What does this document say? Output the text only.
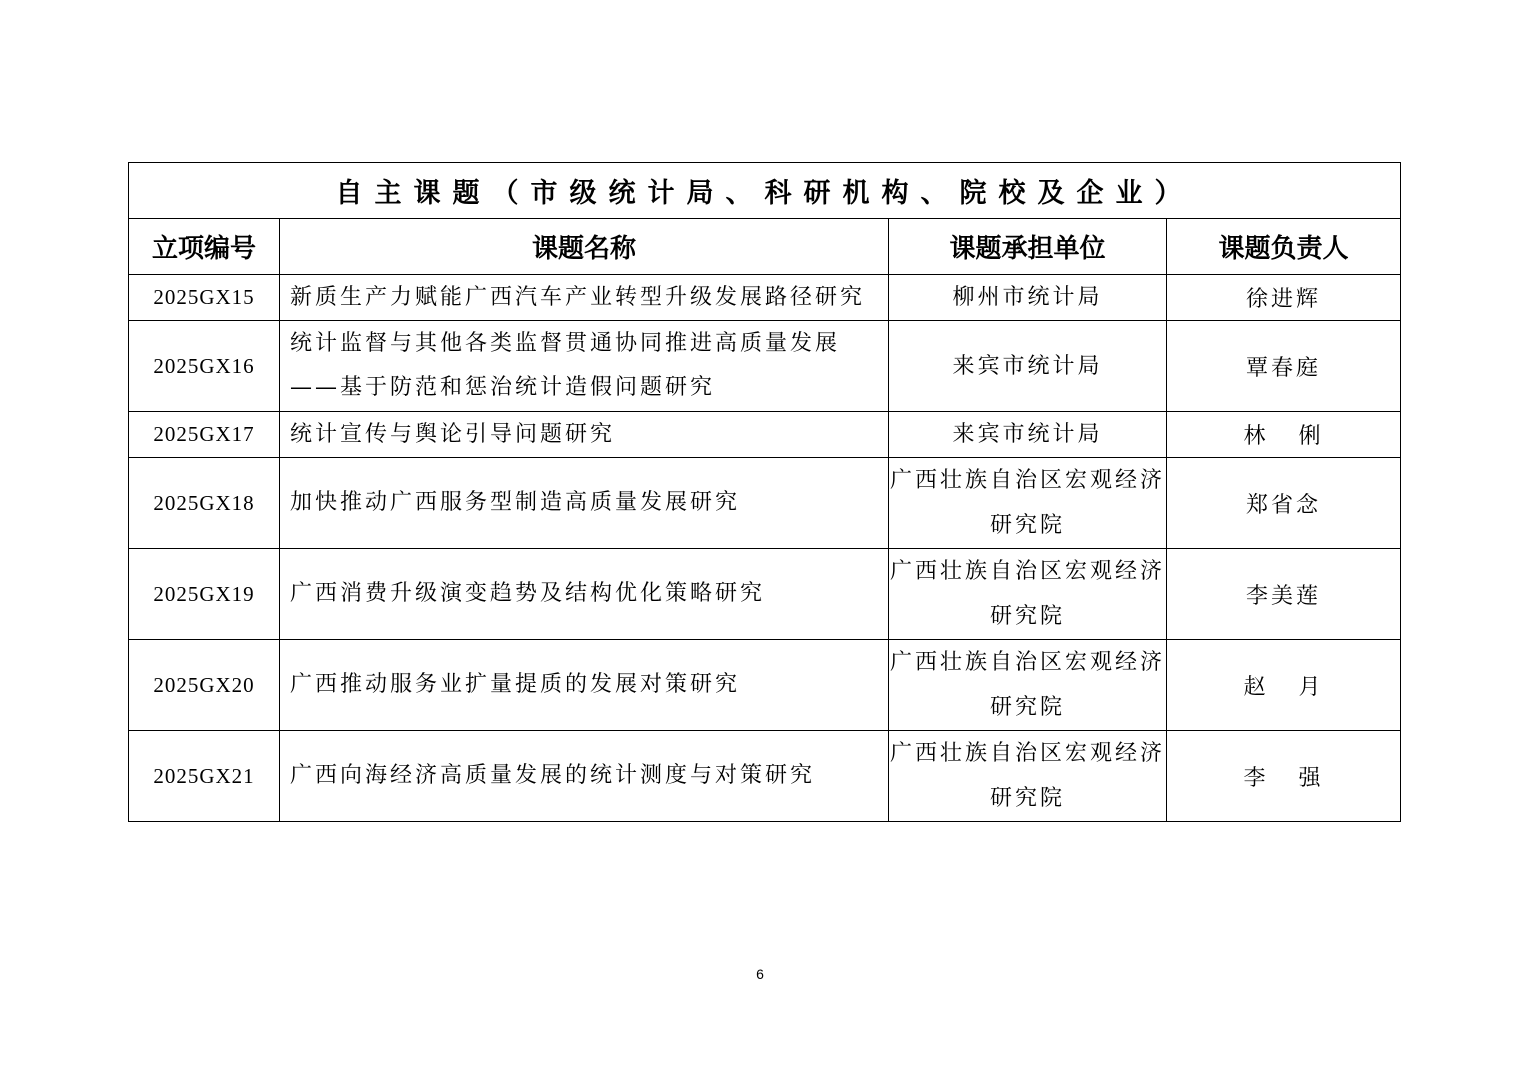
自主课题（市级统计局、科研机构、院校及企业）			
立项编号	课题名称	课题承担单位	课题负责人
2025GX15	新质生产力赋能广西汽车产业转型升级发展路径研究	柳州市统计局	徐进辉
2025GX16	统计监督与其他各类监督贯通协同推进高质量发展——基于防范和惩治统计造假问题研究	来宾市统计局	覃春庭
2025GX17	统计宣传与舆论引导问题研究	来宾市统计局	林   俐
2025GX18	加快推动广西服务型制造高质量发展研究	广西壮族自治区宏观经济研究院	郑省念
2025GX19	广西消费升级演变趋势及结构优化策略研究	广西壮族自治区宏观经济研究院	李美莲
2025GX20	广西推动服务业扩量提质的发展对策研究	广西壮族自治区宏观经济研究院	赵   月
2025GX21	广西向海经济高质量发展的统计测度与对策研究	广西壮族自治区宏观经济研究院	李   强
6
